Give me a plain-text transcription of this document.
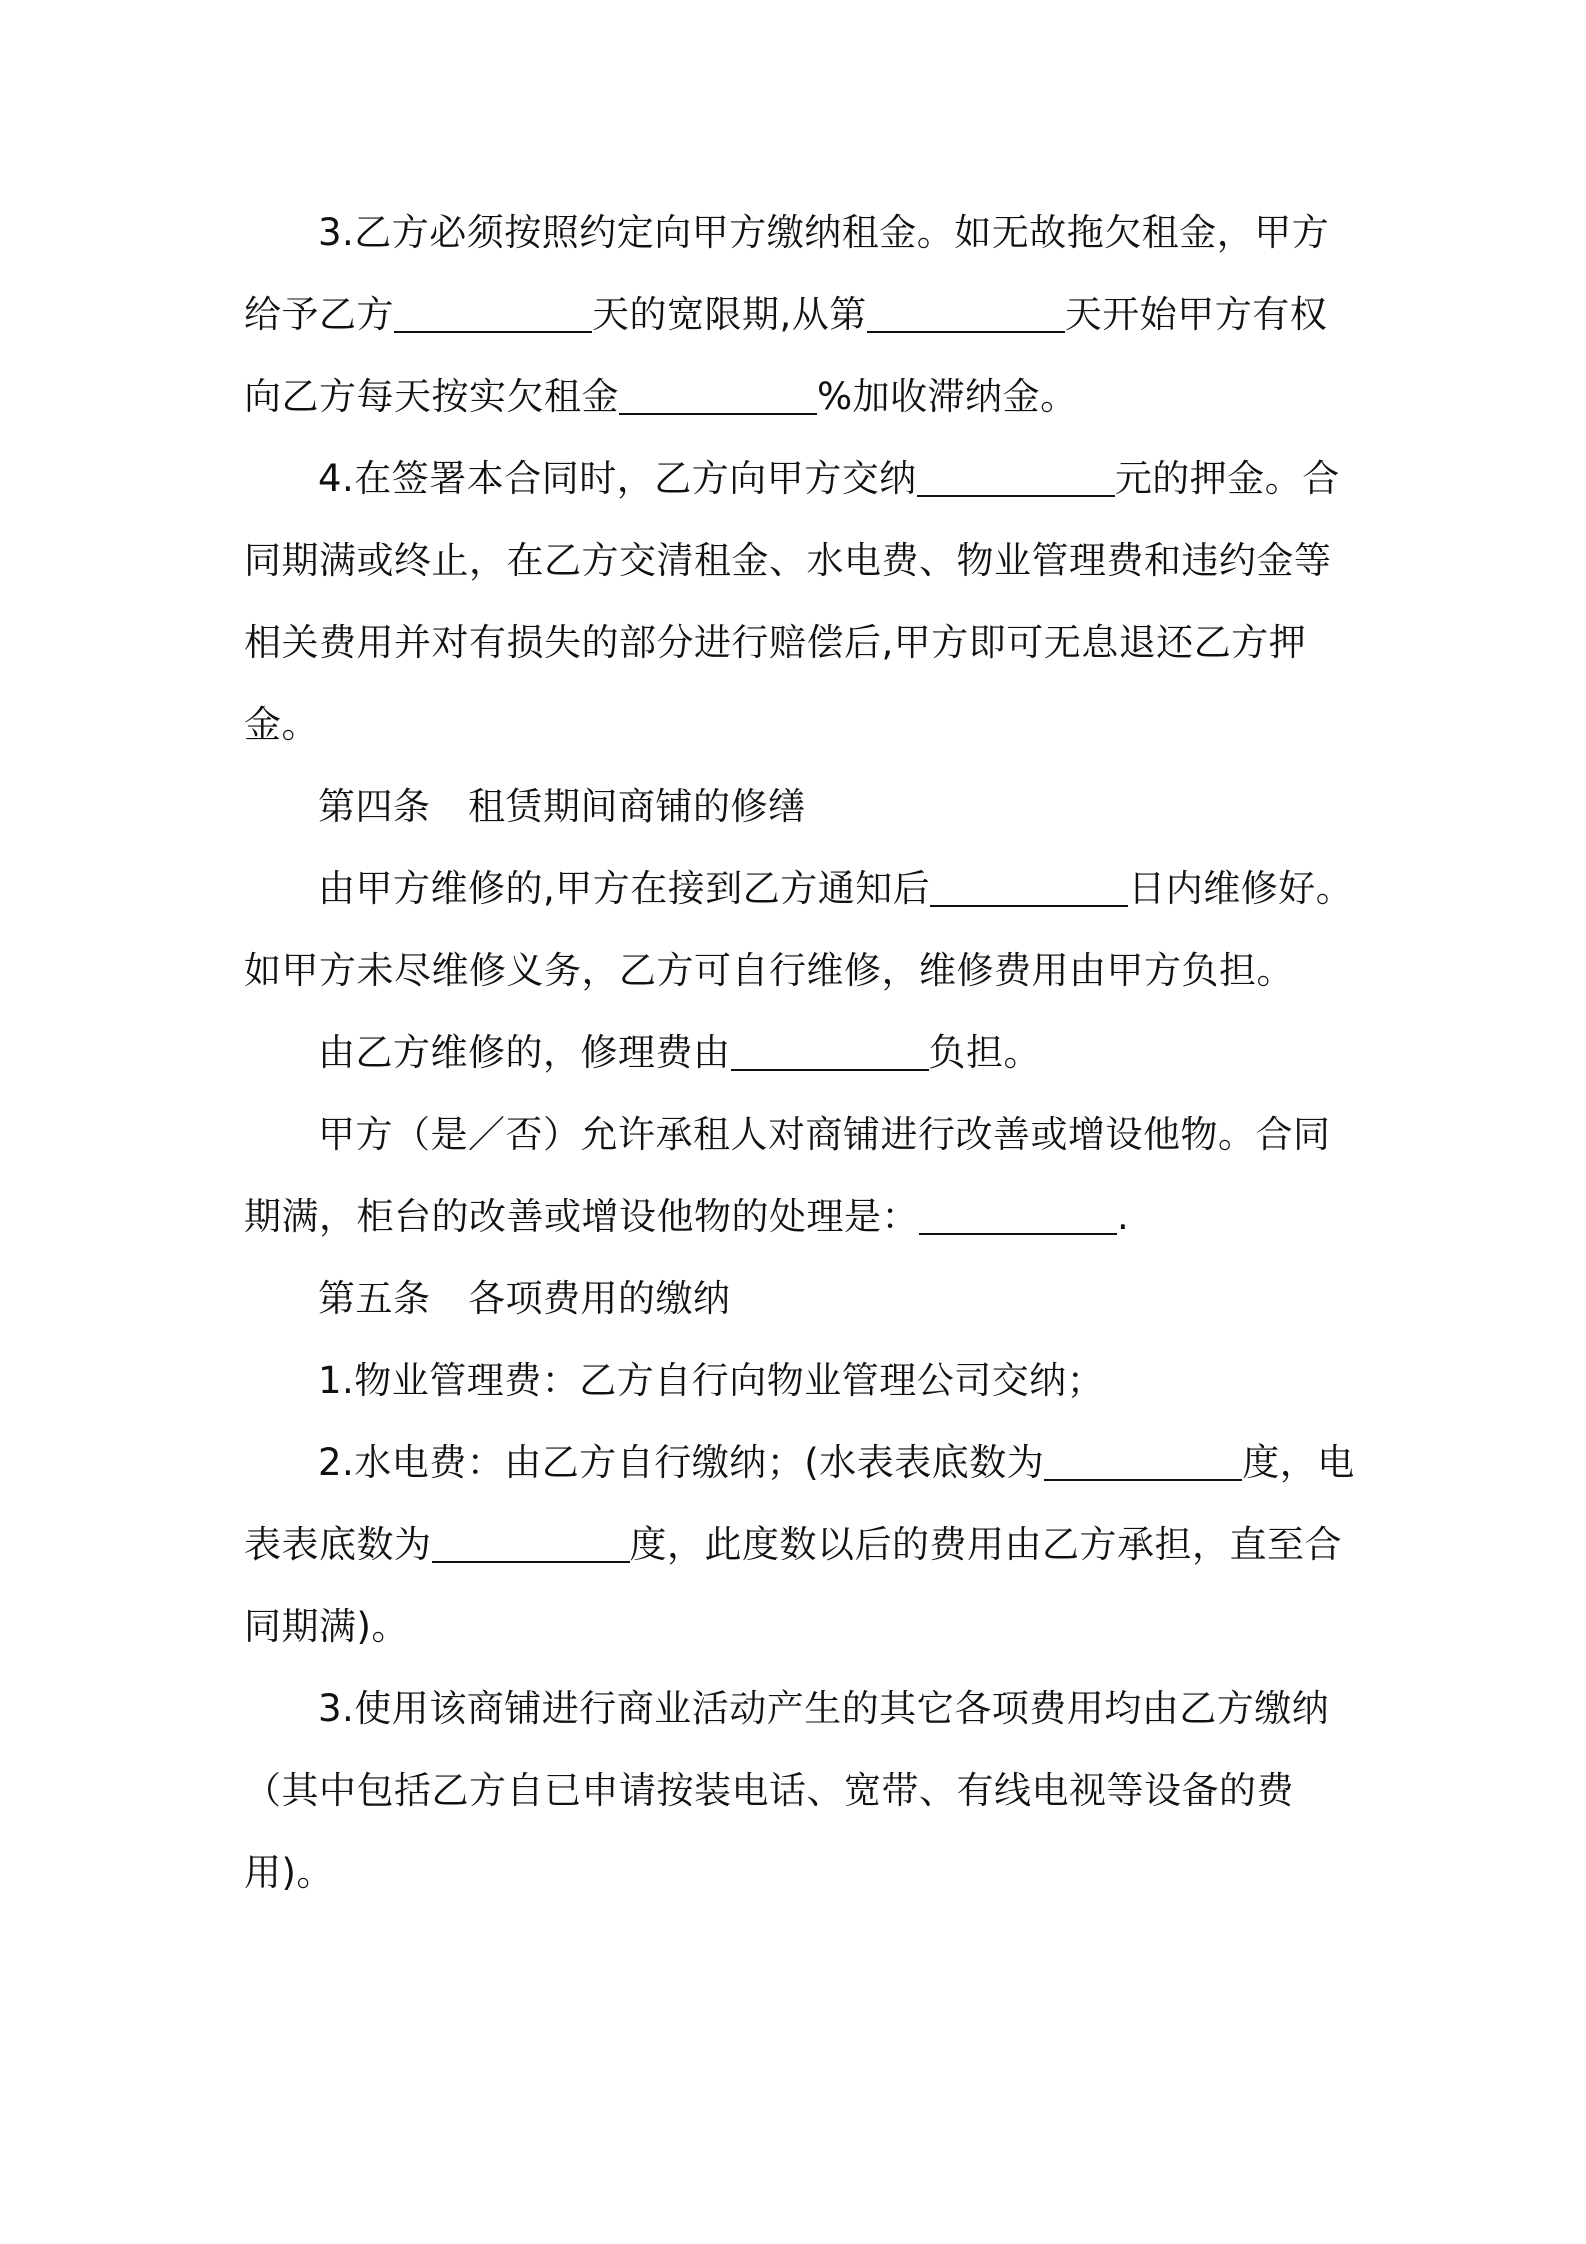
3.乙方必须按照约定向甲方缴纳租金。如无故拖欠租金，甲方给予乙方	天的宽限期,从第	天开始甲方有权向乙方每天按实欠租金	%加收滞纳金。

4.在签署本合同时，乙方向甲方交纳	元的押金。合同期满或终止，在乙方交清租金、水电费、物业管理费和违约金等相关费用并对有损失的部分进行赔偿后,甲方即可无息退还乙方押金。

第四条　租赁期间商铺的修缮

由甲方维修的,甲方在接到乙方通知后	日内维修好。如甲方未尽维修义务，乙方可自行维修，维修费用由甲方负担。

由乙方维修的，修理费由	负担。

甲方（是／否）允许承租人对商铺进行改善或增设他物。合同期满，柜台的改善或增设他物的处理是：	.

第五条　各项费用的缴纳

1.物业管理费：乙方自行向物业管理公司交纳；

2.水电费：由乙方自行缴纳；(水表表底数为	度，电表表底数为	度，此度数以后的费用由乙方承担，直至合同期满)。

3.使用该商铺进行商业活动产生的其它各项费用均由乙方缴纳（其中包括乙方自已申请按装电话、宽带、有线电视等设备的费用)。
